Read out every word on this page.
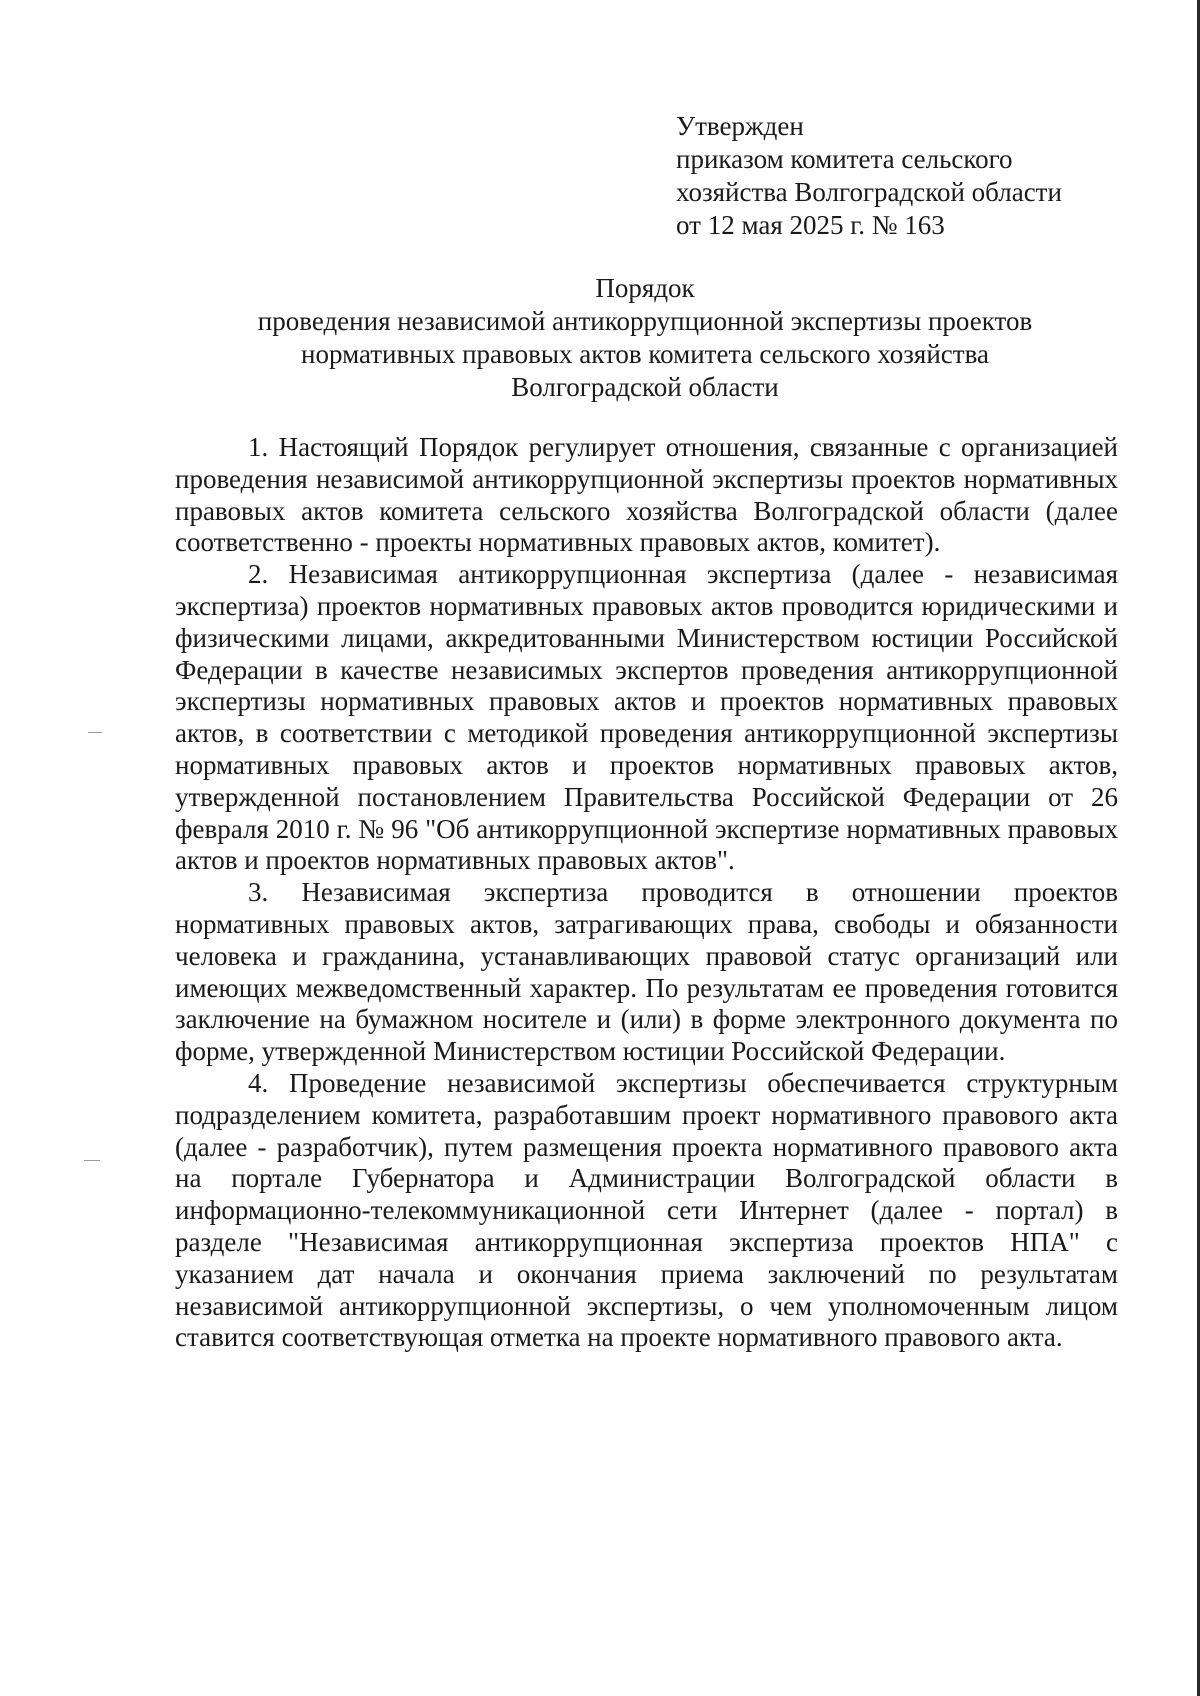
Утвержден
приказом комитета сельского
хозяйства Волгоградской области
от 12 мая 2025 г. № 163
Порядок
проведения независимой антикоррупционной экспертизы проектов
нормативных правовых актов комитета сельского хозяйства
Волгоградской области

1. Настоящий Порядок регулирует отношения, связанные с организацией проведения независимой антикоррупционной экспертизы проектов нормативных правовых актов комитета сельского хозяйства Волгоградской области (далее соответственно - проекты нормативных правовых актов, комитет).

2. Независимая антикоррупционная экспертиза (далее - независимая экспертиза) проектов нормативных правовых актов проводится юридическими и физическими лицами, аккредитованными Министерством юстиции Российской Федерации в качестве независимых экспертов проведения антикоррупционной экспертизы нормативных правовых актов и проектов нормативных правовых актов, в соответствии с методикой проведения антикоррупционной экспертизы нормативных правовых актов и проектов нормативных правовых актов, утвержденной постановлением Правительства Российской Федерации от 26 февраля 2010 г. № 96 "Об антикоррупционной экспертизе нормативных правовых актов и проектов нормативных правовых актов".

3. Независимая экспертиза проводится в отношении проектов нормативных правовых актов, затрагивающих права, свободы и обязанности человека и гражданина, устанавливающих правовой статус организаций или имеющих межведомственный характер. По результатам ее проведения готовится заключение на бумажном носителе и (или) в форме электронного документа по форме, утвержденной Министерством юстиции Российской Федерации.

4. Проведение независимой экспертизы обеспечивается структурным подразделением комитета, разработавшим проект нормативного правового акта (далее - разработчик), путем размещения проекта нормативного правового акта на портале Губернатора и Администрации Волгоградской области в информационно-телекоммуникационной сети Интернет (далее - портал) в разделе "Независимая антикоррупционная экспертиза проектов НПА" с указанием дат начала и окончания приема заключений по результатам независимой антикоррупционной экспертизы, о чем уполномоченным лицом ставится соответствующая отметка на проекте нормативного правового акта.
